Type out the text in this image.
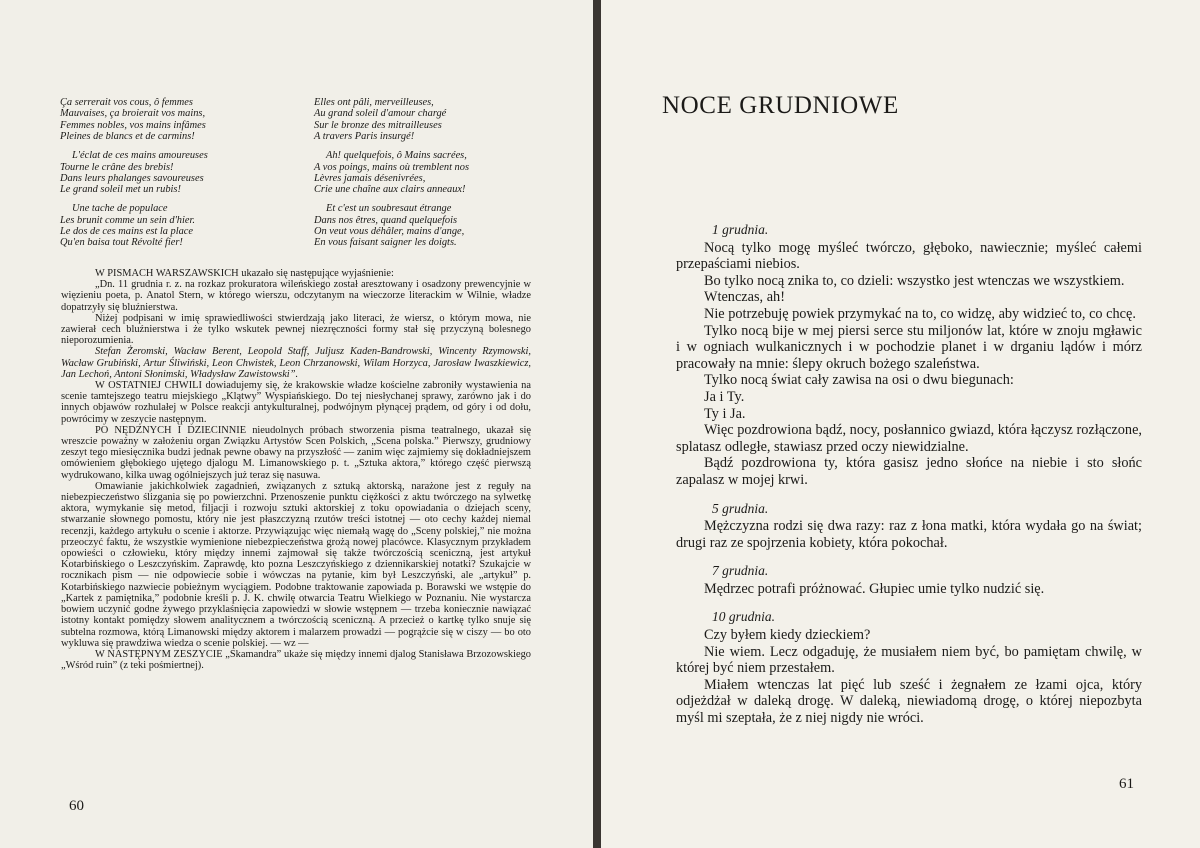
Ça serrerait vos cous, ô femmes
Mauvaises, ça broierait vos mains,
Femmes nobles, vos mains infâmes
Pleines de blancs et de carmins!
L'éclat de ces mains amoureuses
Tourne le crâne des brebis!
Dans leurs phalanges savoureuses
Le grand soleil met un rubis!
Une tache de populace
Les brunit comme un sein d'hier.
Le dos de ces mains est la place
Qu'en baisa tout Révolté fier!
Elles ont pâli, merveilleuses,
Au grand soleil d'amour chargé
Sur le bronze des mitrailleuses
A travers Paris insurgé!
Ah! quelquefois, ô Mains sacrées,
A vos poings, mains où tremblent nos
Lèvres jamais désenivrées,
Crie une chaîne aux clairs anneaux!
Et c'est un soubresaut étrange
Dans nos êtres, quand quelquefois
On veut vous déhâler, mains d'ange,
En vous faisant saigner les doigts.

W PISMACH WARSZAWSKICH ukazało się następujące wyjaśnienie:

„Dn. 11 grudnia r. z. na rozkaz prokuratora wileńskiego został aresztowany i osadzony prewencyjnie w więzieniu poeta, p. Anatol Stern, w którego wierszu, odczytanym na wieczorze literackim w Wilnie, władze dopatrzyły się bluźnierstwa.

Niżej podpisani w imię sprawiedliwości stwierdzają jako literaci, że wiersz, o którym mowa, nie zawierał cech bluźnierstwa i że tylko wskutek pewnej niezręczności formy stał się przyczyną bolesnego nieporozumienia.

Stefan Żeromski, Wacław Berent, Leopold Staff, Juljusz Kaden-Bandrowski, Wincenty Rzymowski, Wacław Grubiński, Artur Śliwiński, Leon Chwistek, Leon Chrzanowski, Wilam Horzyca, Jarosław Iwaszkiewicz, Jan Lechoń, Antoni Słonimski, Władysław Zawistowski”.

W OSTATNIEJ CHWILI dowiadujemy się, że krakowskie władze kościelne zabroniły wystawienia na scenie tamtejszego teatru miejskiego „Klątwy” Wyspiańskiego. Do tej niesłychanej sprawy, zarówno jak i do innych objawów rozhulałej w Polsce reakcji antykulturalnej, podwójnym płynącej prądem, od góry i od dołu, powrócimy w zeszycie następnym.

PO NĘDZNYCH I DZIECINNIE nieudolnych próbach stworzenia pisma teatralnego, ukazał się wreszcie poważny w założeniu organ Związku Artystów Scen Polskich, „Scena polska.” Pierwszy, grudniowy zeszyt tego miesięcznika budzi jednak pewne obawy na przyszłość — zanim więc zajmiemy się dokładniejszem omówieniem głębokiego ujętego djalogu M. Limanowskiego p. t. „Sztuka aktora,” którego część pierwszą wydrukowano, kilka uwag ogólniejszych już teraz się nasuwa.

Omawianie jakichkolwiek zagadnień, związanych z sztuką aktorską, narażone jest z reguły na niebezpieczeństwo ślizgania się po powierzchni. Przenoszenie punktu ciężkości z aktu twórczego na sylwetkę aktora, wymykanie się metod, filjacji i rozwoju sztuki aktorskiej z toku opowiadania o dziejach sceny, stwarzanie słownego pomostu, który nie jest płaszczyzną rzutów treści istotnej — oto cechy każdej niemal recenzji, każdego artykułu o scenie i aktorze. Przywiązując więc niemałą wagę do „Sceny polskiej,” nie można przeoczyć faktu, że wszystkie wymienione niebezpieczeństwa grożą nowej placówce. Klasycznym przykładem opowieści o człowieku, który między innemi zajmował się także twórczością sceniczną, jest artykuł Kotarbińskiego o Leszczyńskim. Zaprawdę, kto pozna Leszczyńskiego z dziennikarskiej notatki? Szukajcie w rocznikach pism — nie odpowiecie sobie i wówczas na pytanie, kim był Leszczyński, ale „artykuł” p. Kotarbińskiego nazwiecie pobieżnym wyciągiem. Podobne traktowanie zapowiada p. Borawski we wstępie do „Kartek z pamiętnika,” podobnie kreśli p. J. K. chwilę otwarcia Teatru Wielkiego w Poznaniu. Nie wystarcza bowiem uczynić godne żywego przyklaśnięcia zapowiedzi w słowie wstępnem — trzeba koniecznie nawiązać istotny kontakt pomiędzy słowem analitycznem a twórczością sceniczną. A przecież o kartkę tylko snuje się subtelna rozmowa, którą Limanowski między aktorem i malarzem prowadzi — pogrążcie się w ciszy — bo oto wykluwa się prawdziwa wiedza o scenie polskiej. — wz —

W NASTĘPNYM ZESZYCIE „Skamandra” ukaże się między innemi djalog Stanisława Brzozowskiego „Wśród ruin” (z teki pośmiertnej).

60
NOCE GRUDNIOWE
1 grudnia.

Nocą tylko mogę myśleć twórczo, głęboko, nawiecznie; myśleć całemi przepaściami niebios.

Bo tylko nocą znika to, co dzieli: wszystko jest wtenczas we wszystkiem.

Wtenczas, ah!

Nie potrzebuję powiek przymykać na to, co widzę, aby widzieć to, co chcę.

Tylko nocą bije w mej piersi serce stu miljonów lat, które w znoju mgławic i w ogniach wulkanicznych i w pochodzie planet i w drganiu lądów i mórz pracowały na mnie: ślepy okruch bożego szaleństwa.

Tylko nocą świat cały zawisa na osi o dwu biegunach:

Ja i Ty.

Ty i Ja.

Więc pozdrowiona bądź, nocy, posłannico gwiazd, która łączysz rozłączone, splatasz odległe, stawiasz przed oczy niewidzialne.

Bądź pozdrowiona ty, która gasisz jedno słońce na niebie i sto słońc zapalasz w mojej krwi.

5 grudnia.

Mężczyzna rodzi się dwa razy: raz z łona matki, która wydała go na świat; drugi raz ze spojrzenia kobiety, która pokochał.

7 grudnia.

Mędrzec potrafi próżnować. Głupiec umie tylko nudzić się.

10 grudnia.

Czy byłem kiedy dzieckiem?

Nie wiem. Lecz odgaduję, że musiałem niem być, bo pamiętam chwilę, w której być niem przestałem.

Miałem wtenczas lat pięć lub sześć i żegnałem ze łzami ojca, który odjeżdżał w daleką drogę. W daleką, niewiadomą drogę, o której niepozbyta myśl mi szeptała, że z niej nigdy nie wróci.

61
